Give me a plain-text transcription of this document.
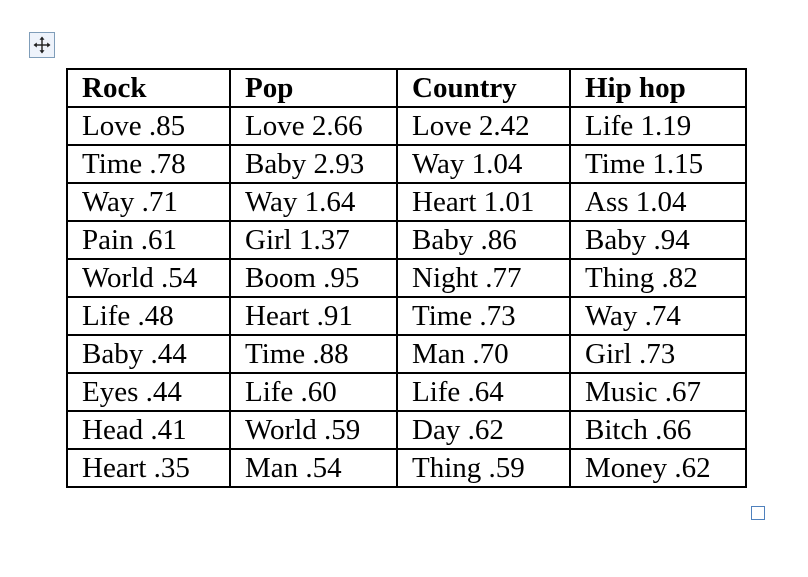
Rock	Pop	Country	Hip hop
Love .85	Love 2.66	Love 2.42	Life 1.19
Time .78	Baby 2.93	Way 1.04	Time 1.15
Way .71	Way 1.64	Heart 1.01	Ass 1.04
Pain .61	Girl 1.37	Baby .86	Baby .94
World .54	Boom .95	Night .77	Thing .82
Life .48	Heart .91	Time .73	Way .74
Baby .44	Time .88	Man .70	Girl .73
Eyes .44	Life .60	Life .64	Music .67
Head .41	World .59	Day .62	Bitch .66
Heart .35	Man .54	Thing .59	Money .62
